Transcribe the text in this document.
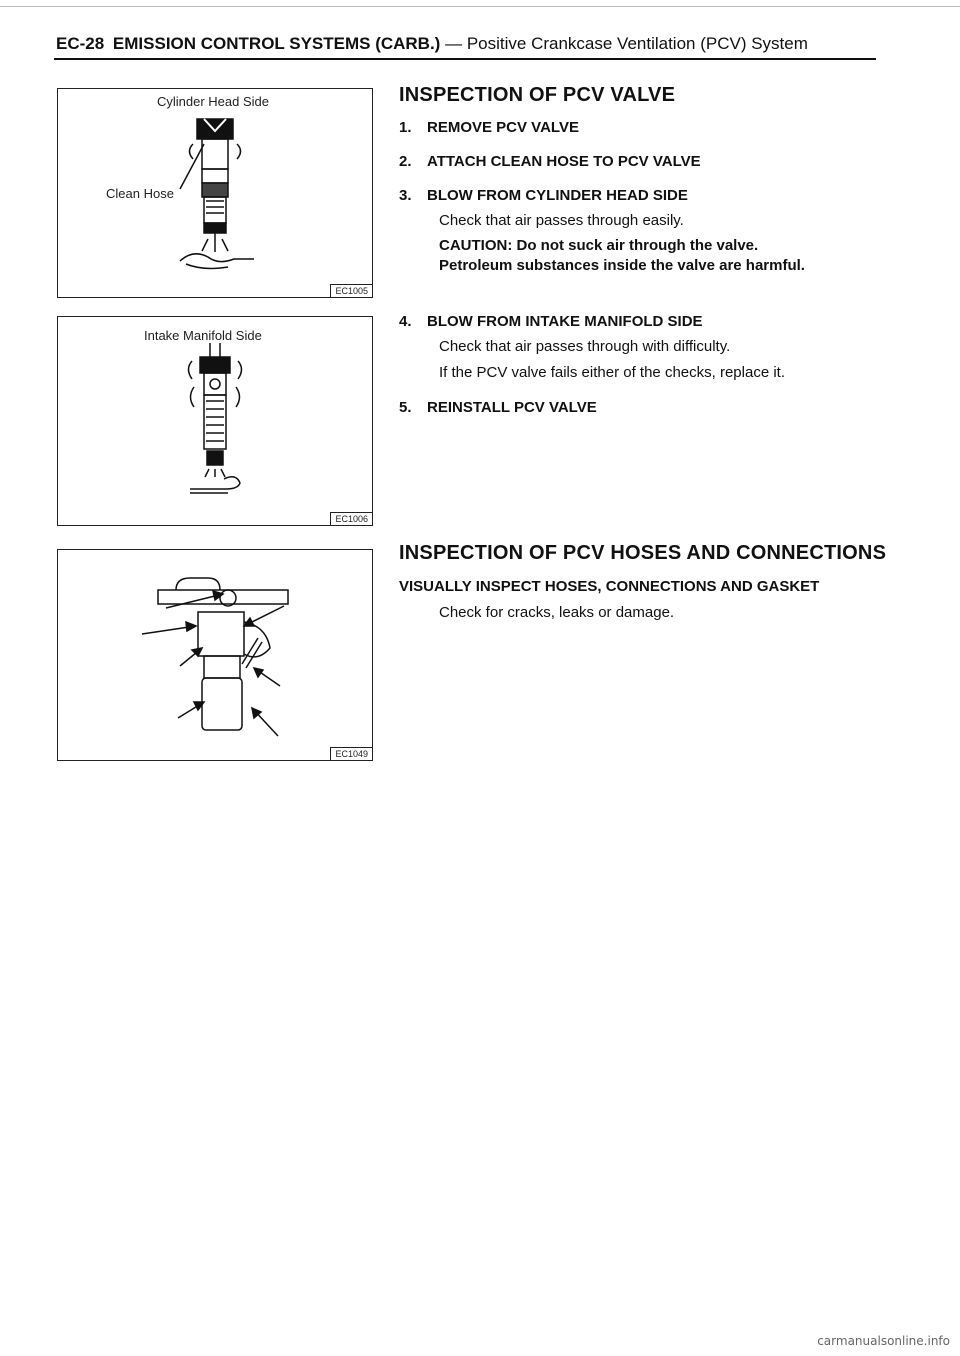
EC-28 EMISSION CONTROL SYSTEMS (CARB.) — Positive Crankcase Ventilation (PCV) System
Cylinder Head Side
Clean Hose
EC1005
Intake Manifold Side
EC1006
EC1049
INSPECTION OF PCV VALVE
1. REMOVE PCV VALVE
2. ATTACH CLEAN HOSE TO PCV VALVE
3. BLOW FROM CYLINDER HEAD SIDE
Check that air passes through easily.
CAUTION: Do not suck air through the valve.
Petroleum substances inside the valve are harmful.
4. BLOW FROM INTAKE MANIFOLD SIDE
Check that air passes through with difficulty.
If the PCV valve fails either of the checks, replace it.
5. REINSTALL PCV VALVE
INSPECTION OF PCV HOSES AND CONNECTIONS
VISUALLY INSPECT HOSES, CONNECTIONS AND GASKET
Check for cracks, leaks or damage.
carmanualsonline.info
